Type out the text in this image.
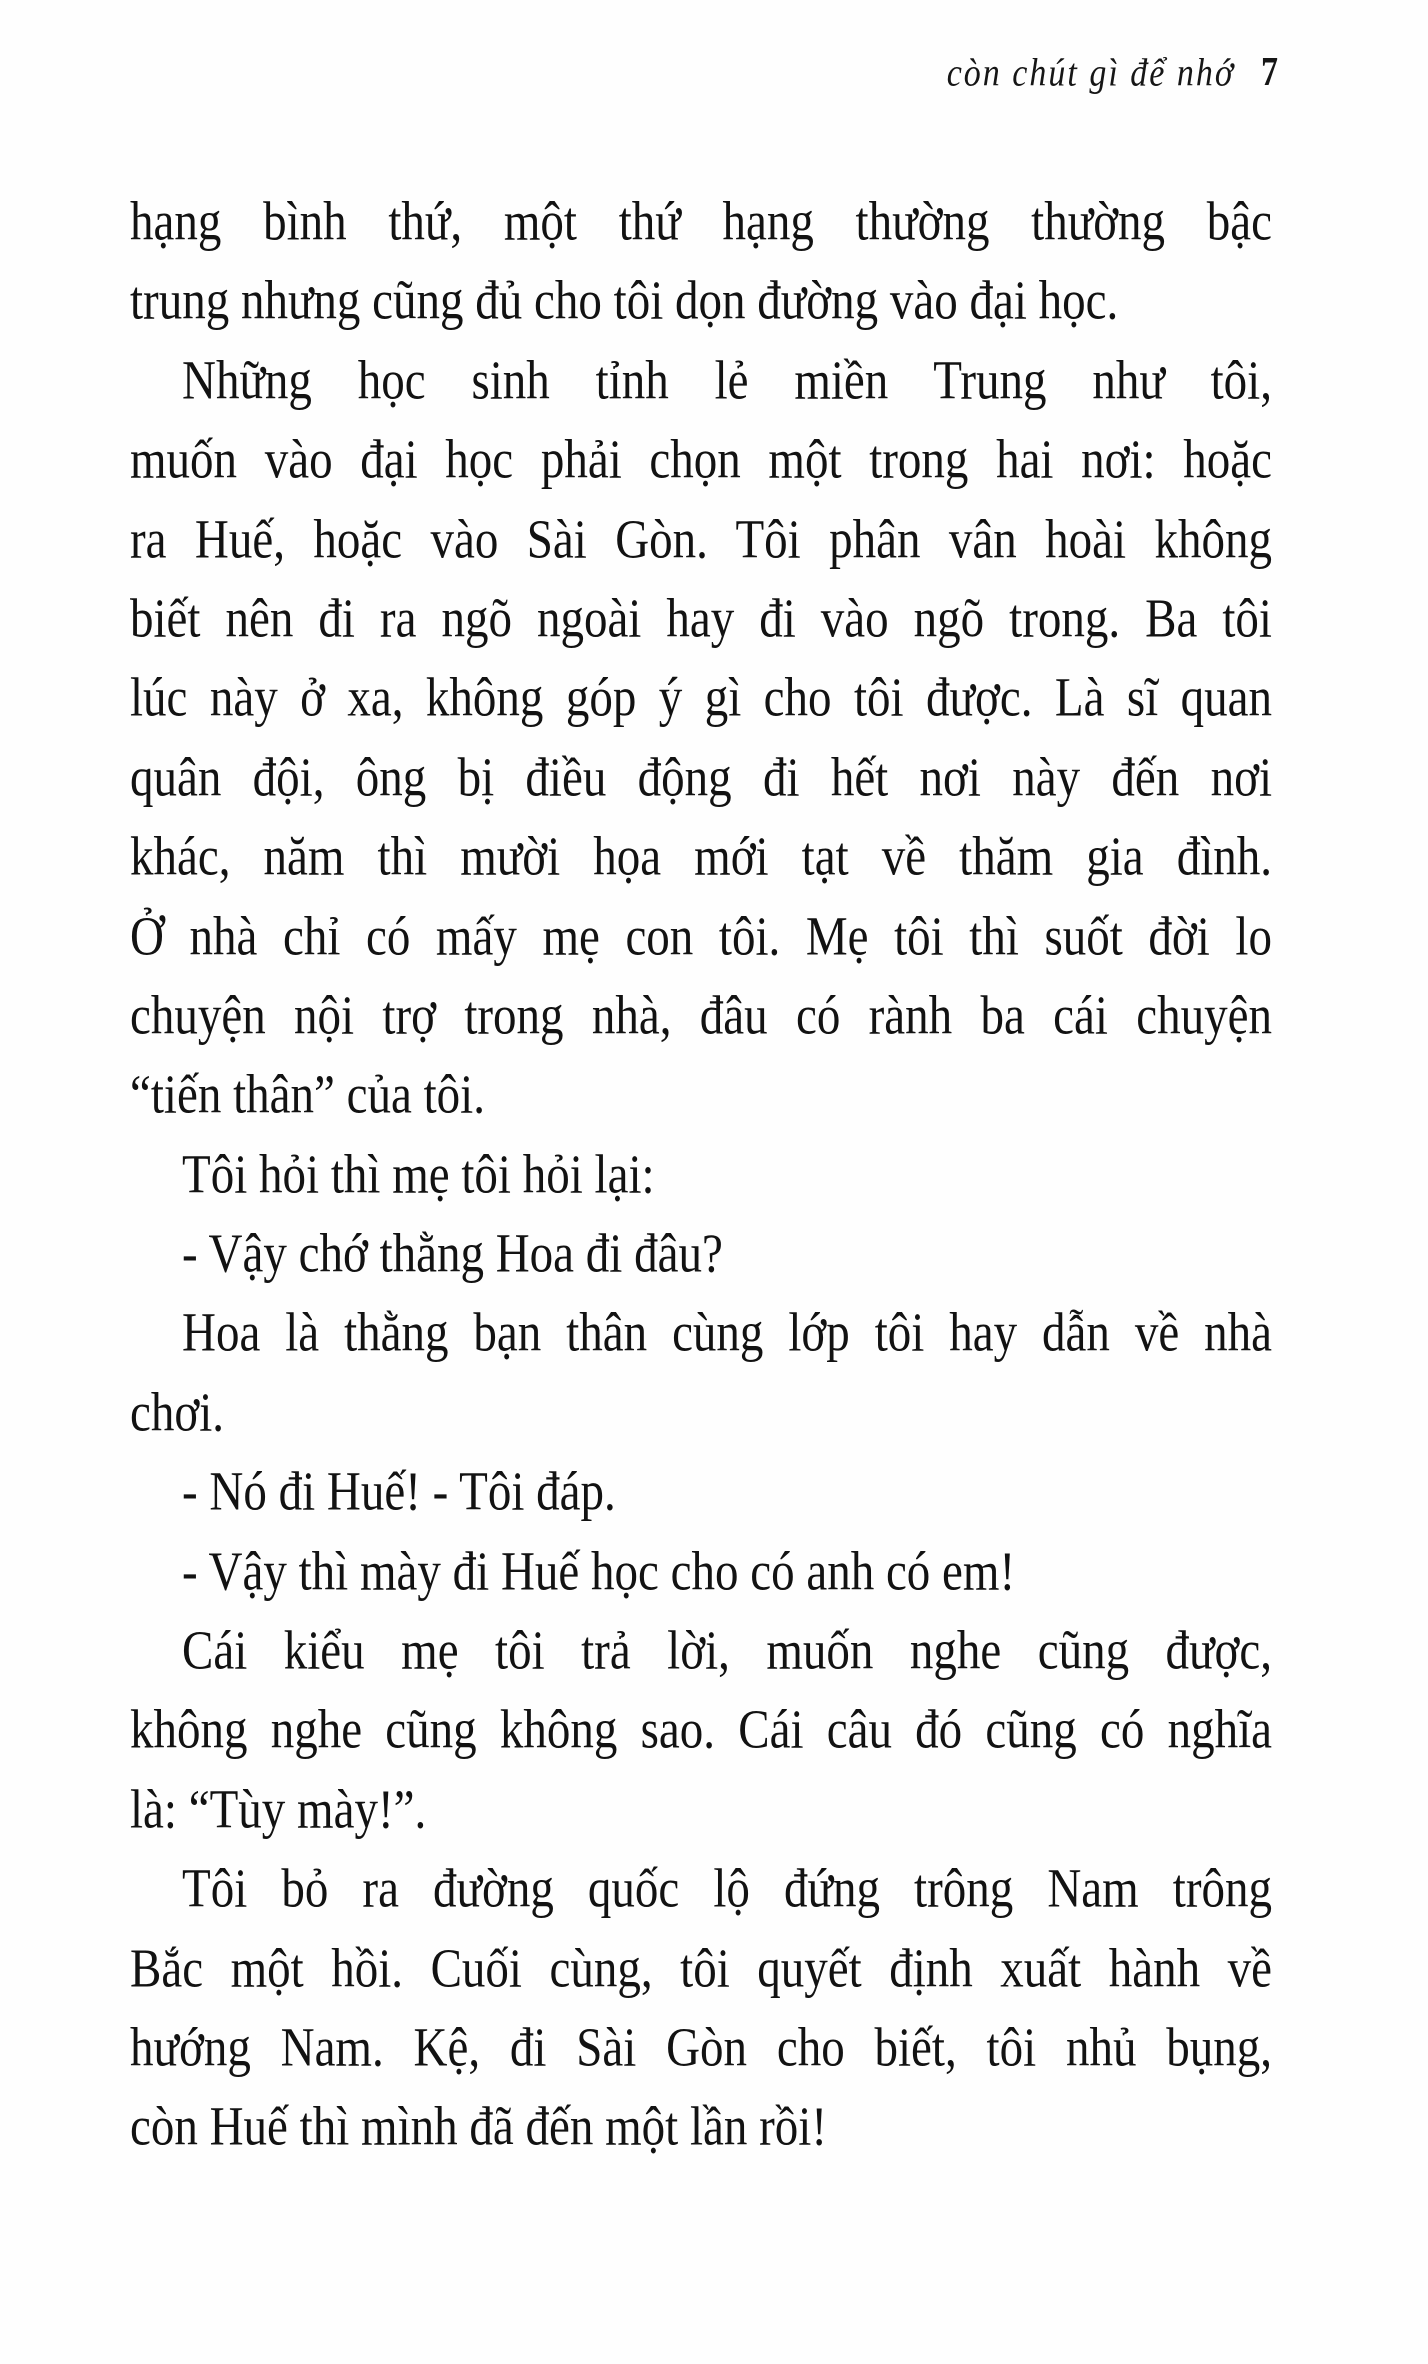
còn chút gì để nhớ 7
hạng bình thứ, một thứ hạng thường thường bậc
trung nhưng cũng đủ cho tôi dọn đường vào đại học.
Những học sinh tỉnh lẻ miền Trung như tôi,
muốn vào đại học phải chọn một trong hai nơi: hoặc
ra Huế, hoặc vào Sài Gòn. Tôi phân vân hoài không
biết nên đi ra ngõ ngoài hay đi vào ngõ trong. Ba tôi
lúc này ở xa, không góp ý gì cho tôi được. Là sĩ quan
quân đội, ông bị điều động đi hết nơi này đến nơi
khác, năm thì mười họa mới tạt về thăm gia đình.
Ở nhà chỉ có mấy mẹ con tôi. Mẹ tôi thì suốt đời lo
chuyện nội trợ trong nhà, đâu có rành ba cái chuyện
“tiến thân” của tôi.
Tôi hỏi thì mẹ tôi hỏi lại:
- Vậy chớ thằng Hoa đi đâu?
Hoa là thằng bạn thân cùng lớp tôi hay dẫn về nhà
chơi.
- Nó đi Huế! - Tôi đáp.
- Vậy thì mày đi Huế học cho có anh có em!
Cái kiểu mẹ tôi trả lời, muốn nghe cũng được,
không nghe cũng không sao. Cái câu đó cũng có nghĩa
là: “Tùy mày!”.
Tôi bỏ ra đường quốc lộ đứng trông Nam trông
Bắc một hồi. Cuối cùng, tôi quyết định xuất hành về
hướng Nam. Kệ, đi Sài Gòn cho biết, tôi nhủ bụng,
còn Huế thì mình đã đến một lần rồi!
